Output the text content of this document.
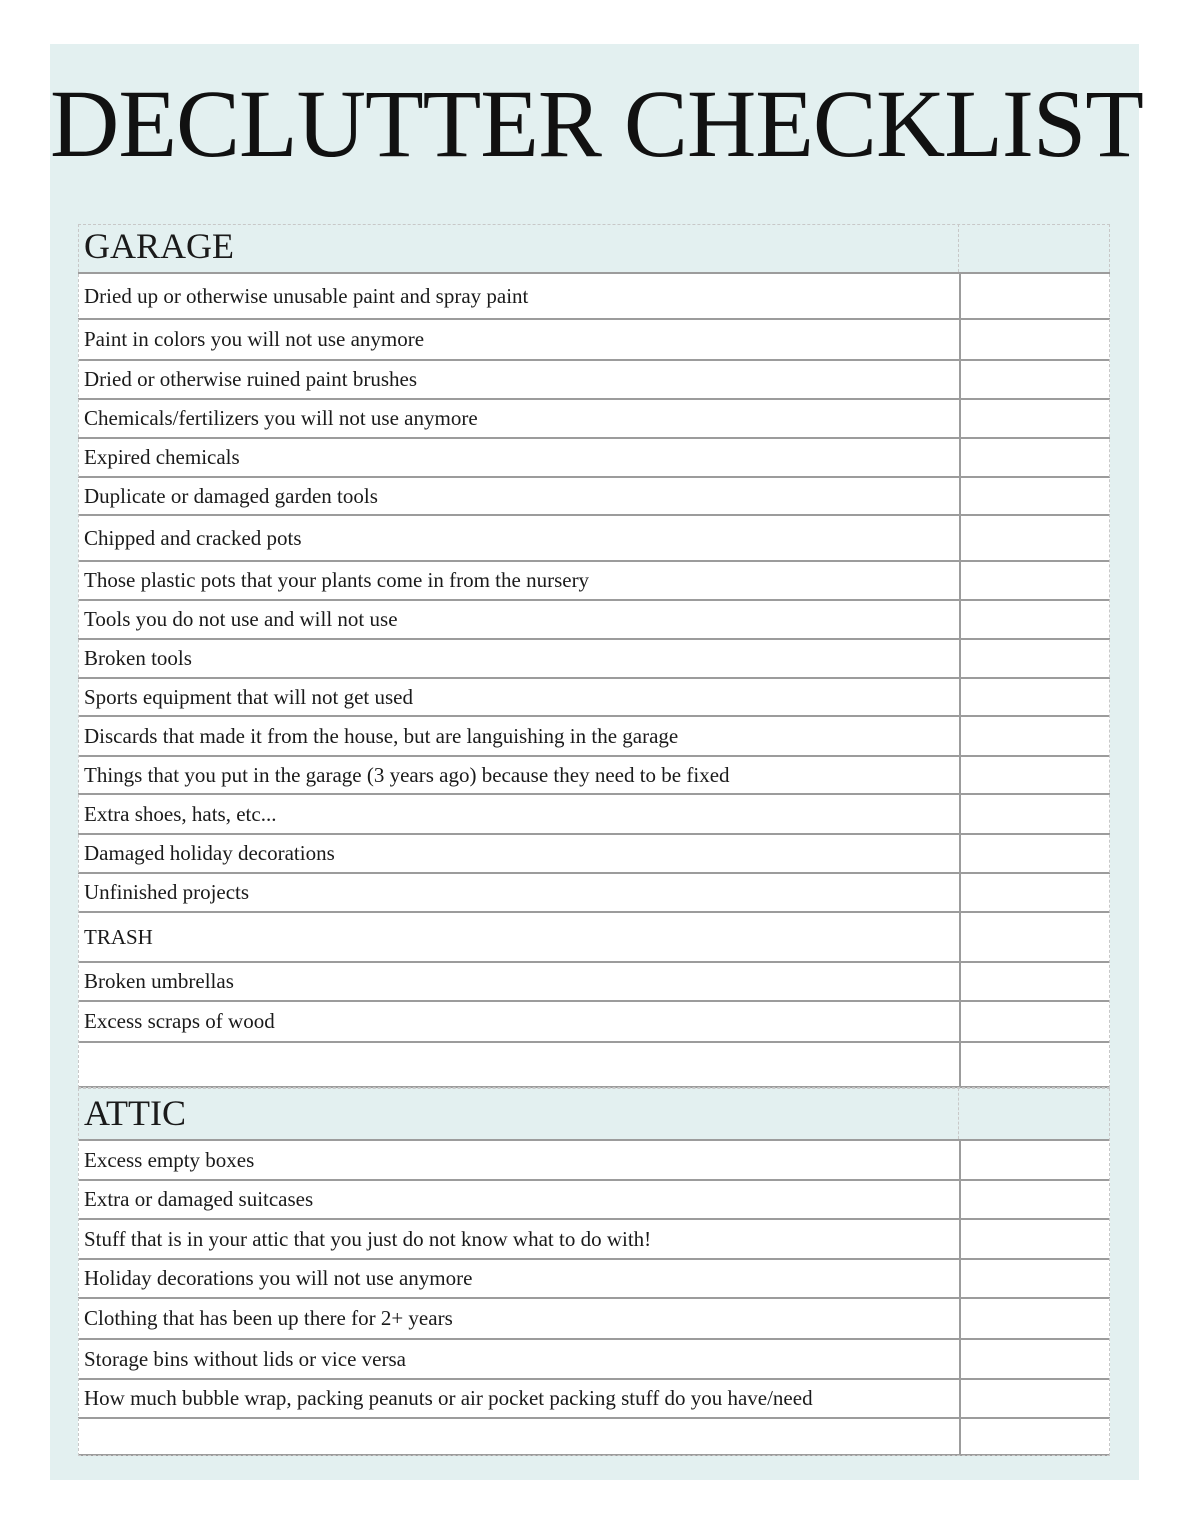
DECLUTTER CHECKLIST
GARAGE
Dried up or otherwise unusable paint and spray paint
Paint in colors you will not use anymore
Dried or otherwise ruined paint brushes
Chemicals/fertilizers you will not use anymore
Expired chemicals
Duplicate or damaged garden tools
Chipped and cracked pots
Those plastic pots that your plants come in from the nursery
Tools you do not use and will not use
Broken tools
Sports equipment that will not get used
Discards that made it from the house, but are languishing in the garage
Things that you put in the garage (3 years ago) because they need to be fixed
Extra shoes, hats, etc...
Damaged holiday decorations
Unfinished projects
TRASH
Broken umbrellas
Excess scraps of wood
ATTIC
Excess empty boxes
Extra or damaged suitcases
Stuff that is in your attic that you just do not know what to do with!
Holiday decorations you will not use anymore
Clothing that has been up there for 2+ years
Storage bins without lids or vice versa
How much bubble wrap, packing peanuts or air pocket packing stuff do you have/need
